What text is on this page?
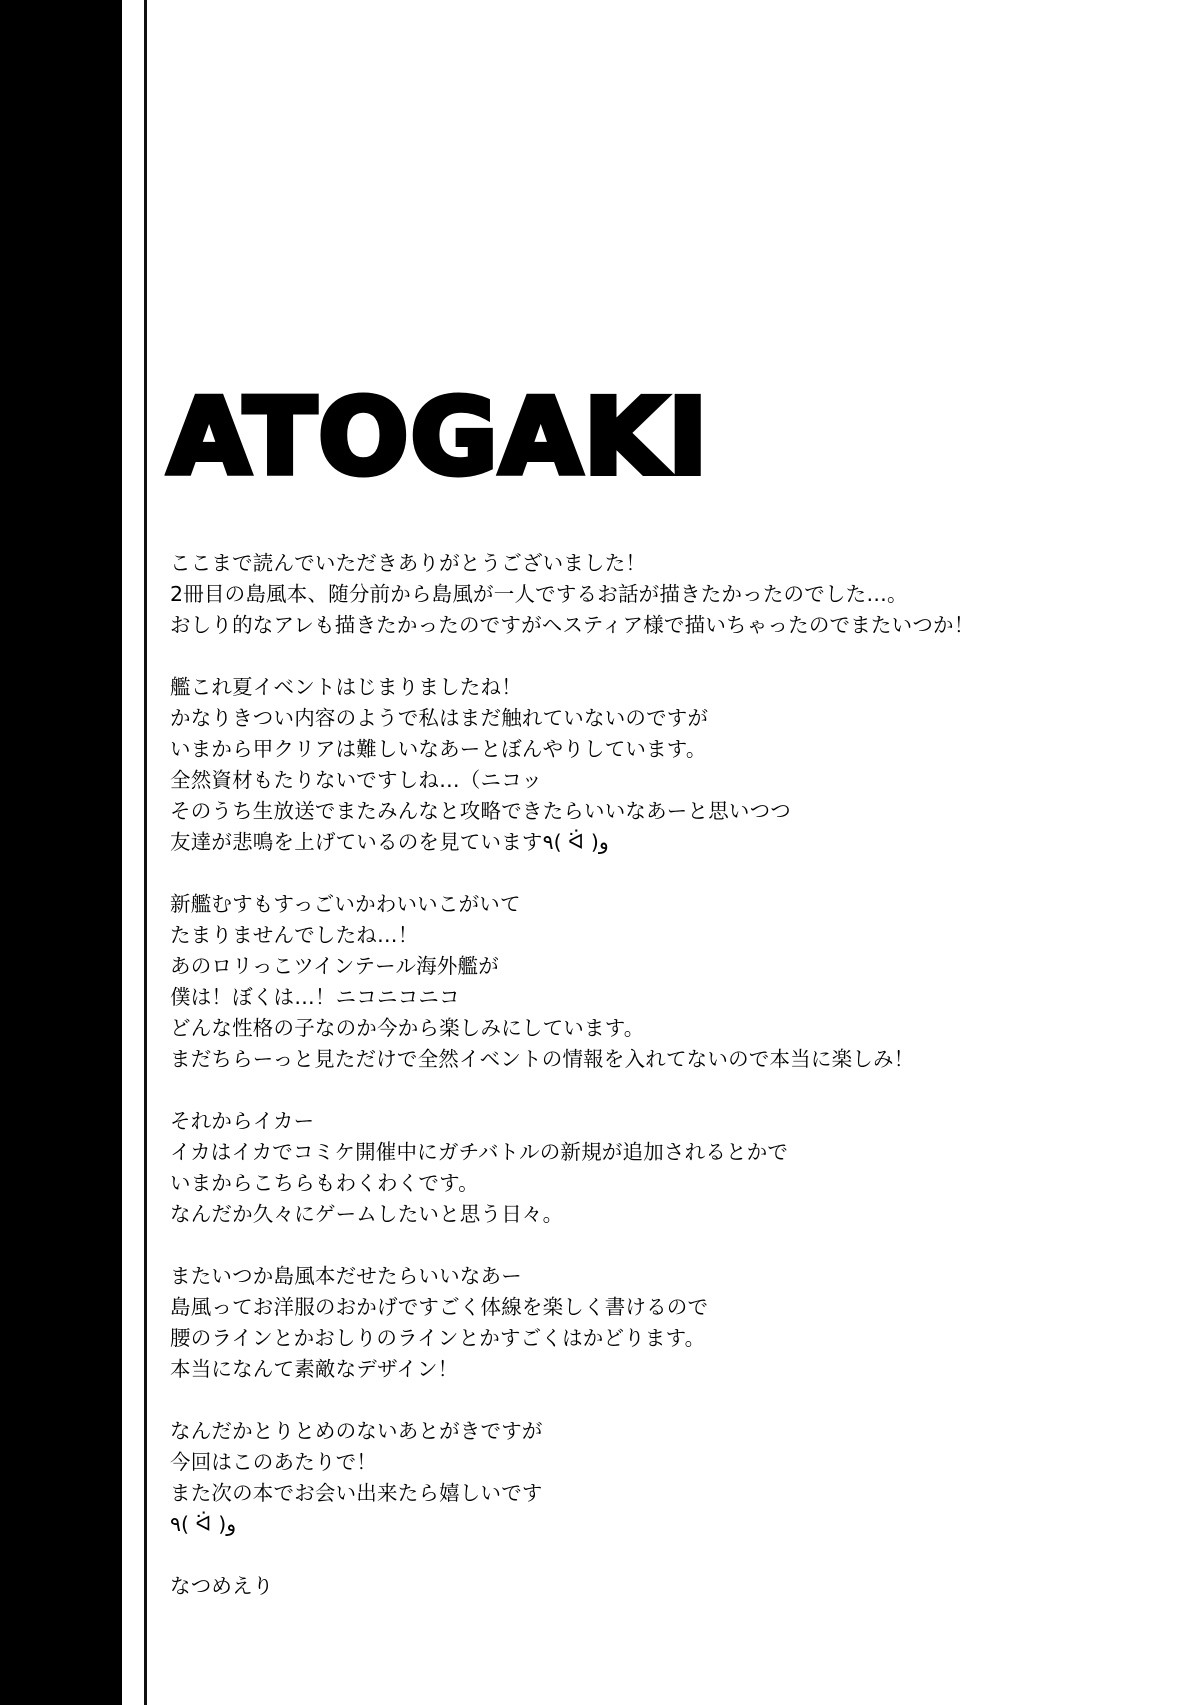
ATOGAKI

ここまで読んでいただきありがとうございました！
2冊目の島風本、随分前から島風が一人でするお話が描きたかったのでした…。
おしり的なアレも描きたかったのですがヘスティア様で描いちゃったのでまたいつか！

艦これ夏イベントはじまりましたね！
かなりきつい内容のようで私はまだ触れていないのですが
いまから甲クリアは難しいなあーとぼんやりしています。
全然資材もたりないですしね…（ニコッ
そのうち生放送でまたみんなと攻略できたらいいなあーと思いつつ
友達が悲鳴を上げているのを見ています٩( ᐛ )و

新艦むすもすっごいかわいいこがいて
たまりませんでしたね…！
あのロリっこツインテール海外艦が
僕は！ぼくは…！ニコニコニコ
どんな性格の子なのか今から楽しみにしています。
まだちらーっと見ただけで全然イベントの情報を入れてないので本当に楽しみ！

それからイカー
イカはイカでコミケ開催中にガチバトルの新規が追加されるとかで
いまからこちらもわくわくです。
なんだか久々にゲームしたいと思う日々。

またいつか島風本だせたらいいなあー
島風ってお洋服のおかげですごく体線を楽しく書けるので
腰のラインとかおしりのラインとかすごくはかどります。
本当になんて素敵なデザイン！

なんだかとりとめのないあとがきですが
今回はこのあたりで！
また次の本でお会い出来たら嬉しいです
٩( ᐛ )و

なつめえり
